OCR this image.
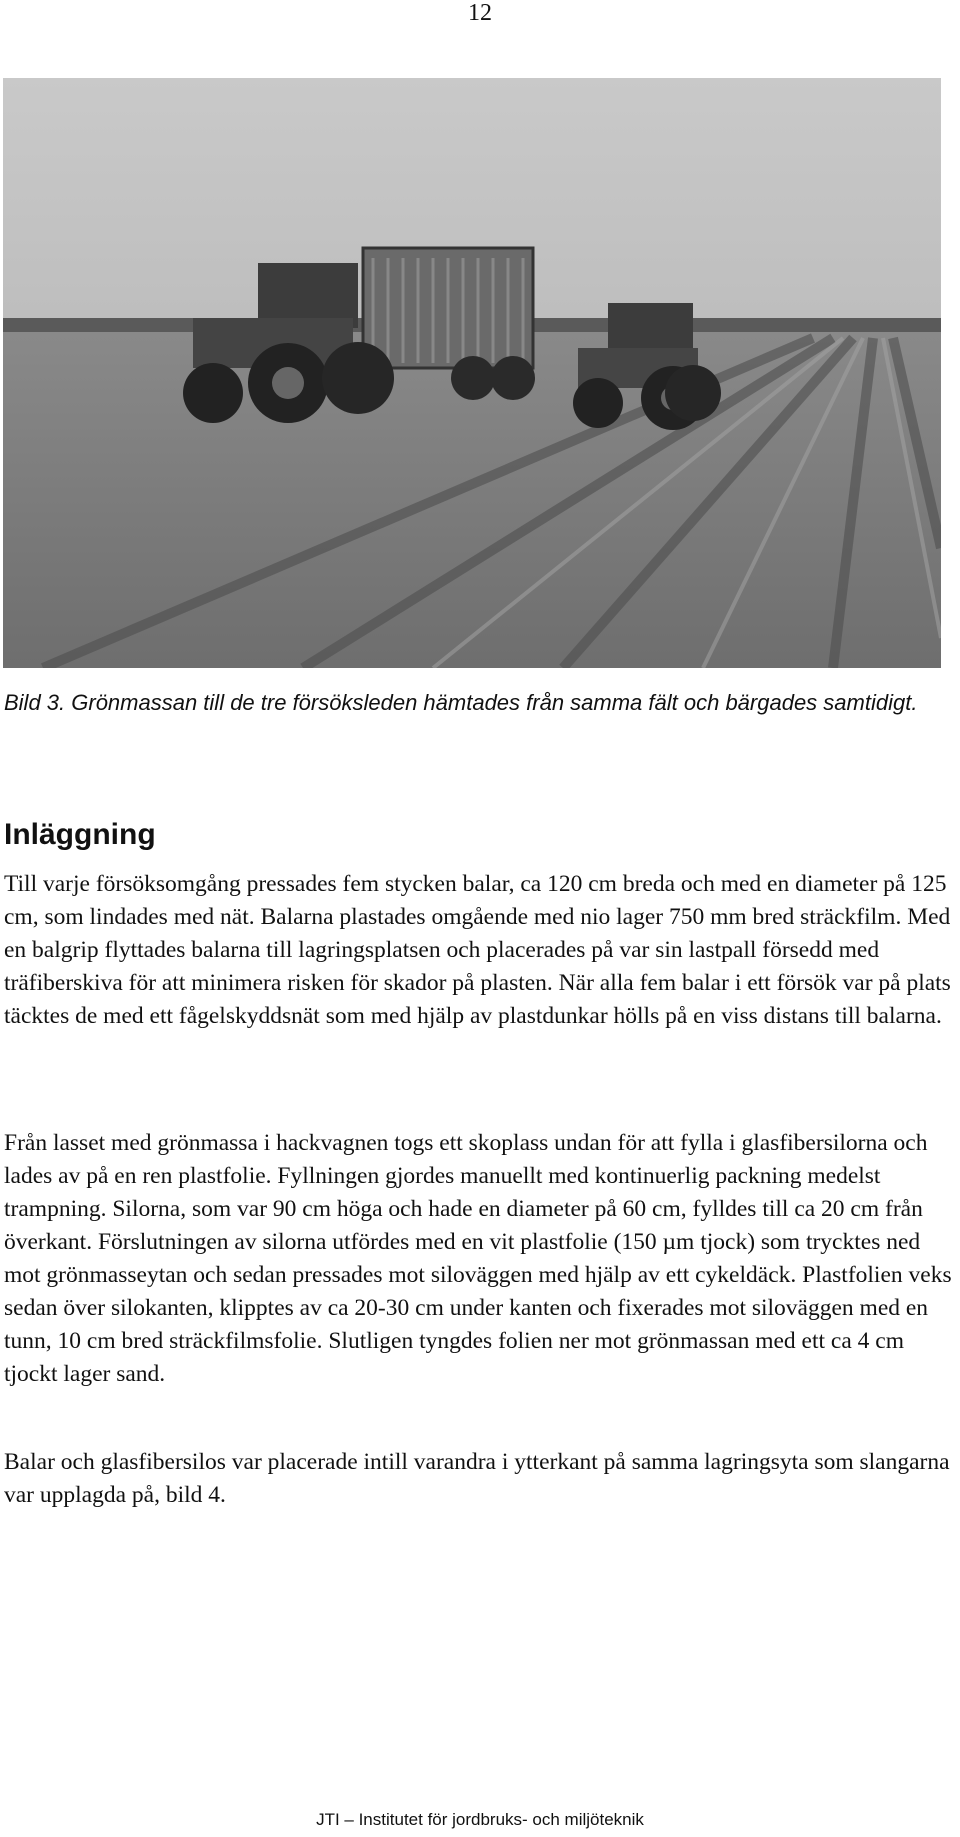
12
Bild 3. Grönmassan till de tre försöksleden hämtades från samma fält och bärgades samtidigt.
Inläggning

Till varje försöksomgång pressades fem stycken balar, ca 120 cm breda och med en diameter på 125 cm, som lindades med nät. Balarna plastades omgående med nio lager 750 mm bred sträckfilm. Med en balgrip flyttades balarna till lagringsplatsen och placerades på var sin lastpall försedd med träfiberskiva för att minimera risken för skador på plasten. När alla fem balar i ett försök var på plats täcktes de med ett fågelskyddsnät som med hjälp av plastdunkar hölls på en viss distans till balarna.

Från lasset med grönmassa i hackvagnen togs ett skoplass undan för att fylla i glasfibersilorna och lades av på en ren plastfolie. Fyllningen gjordes manuellt med kontinuerlig packning medelst trampning. Silorna, som var 90 cm höga och hade en diameter på 60 cm, fylldes till ca 20 cm från överkant. Förslutningen av silorna utfördes med en vit plastfolie (150 µm tjock) som trycktes ned mot grönmasseytan och sedan pressades mot siloväggen med hjälp av ett cykeldäck. Plastfolien veks sedan över silokanten, klipptes av ca 20-30 cm under kanten och fixerades mot siloväggen med en tunn, 10 cm bred sträckfilmsfolie. Slutligen tyngdes folien ner mot grönmassan med ett ca 4 cm tjockt lager sand.

Balar och glasfibersilos var placerade intill varandra i ytterkant på samma lagringsyta som slangarna var upplagda på, bild 4.

JTI – Institutet för jordbruks- och miljöteknik
